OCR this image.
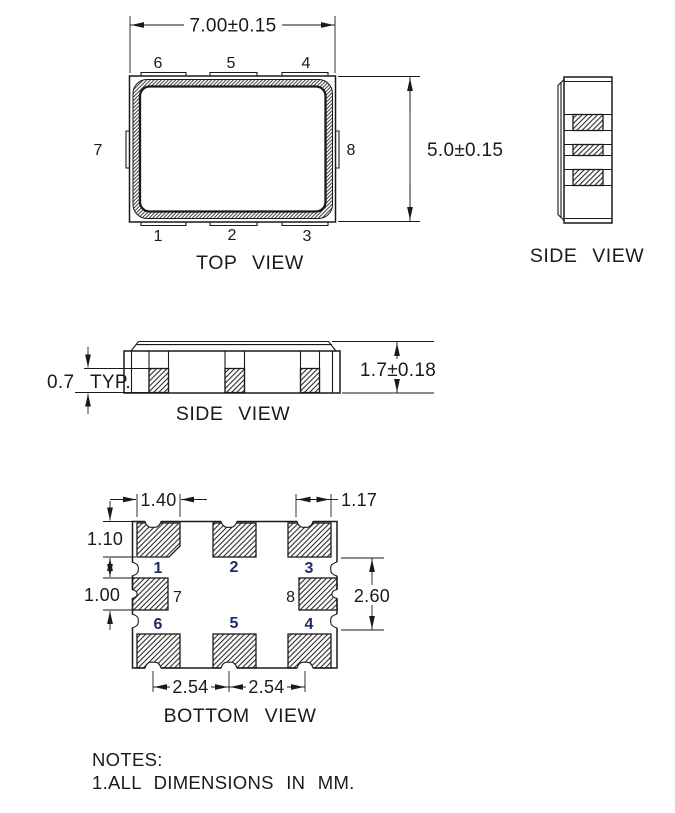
7.00±0.15
6	5	4
7	8
1	2	3
5.0±0.15
TOP VIEW	SIDE VIEW
0.7 TYP.
1.7±0.18
SIDE VIEW
1	2	3
7	8
6	5	4
1.40	1.17
1.10
1.00	2.60
2.54 2.54
BOTTOM VIEW
NOTES:
1.ALL DIMENSIONS IN MM.
